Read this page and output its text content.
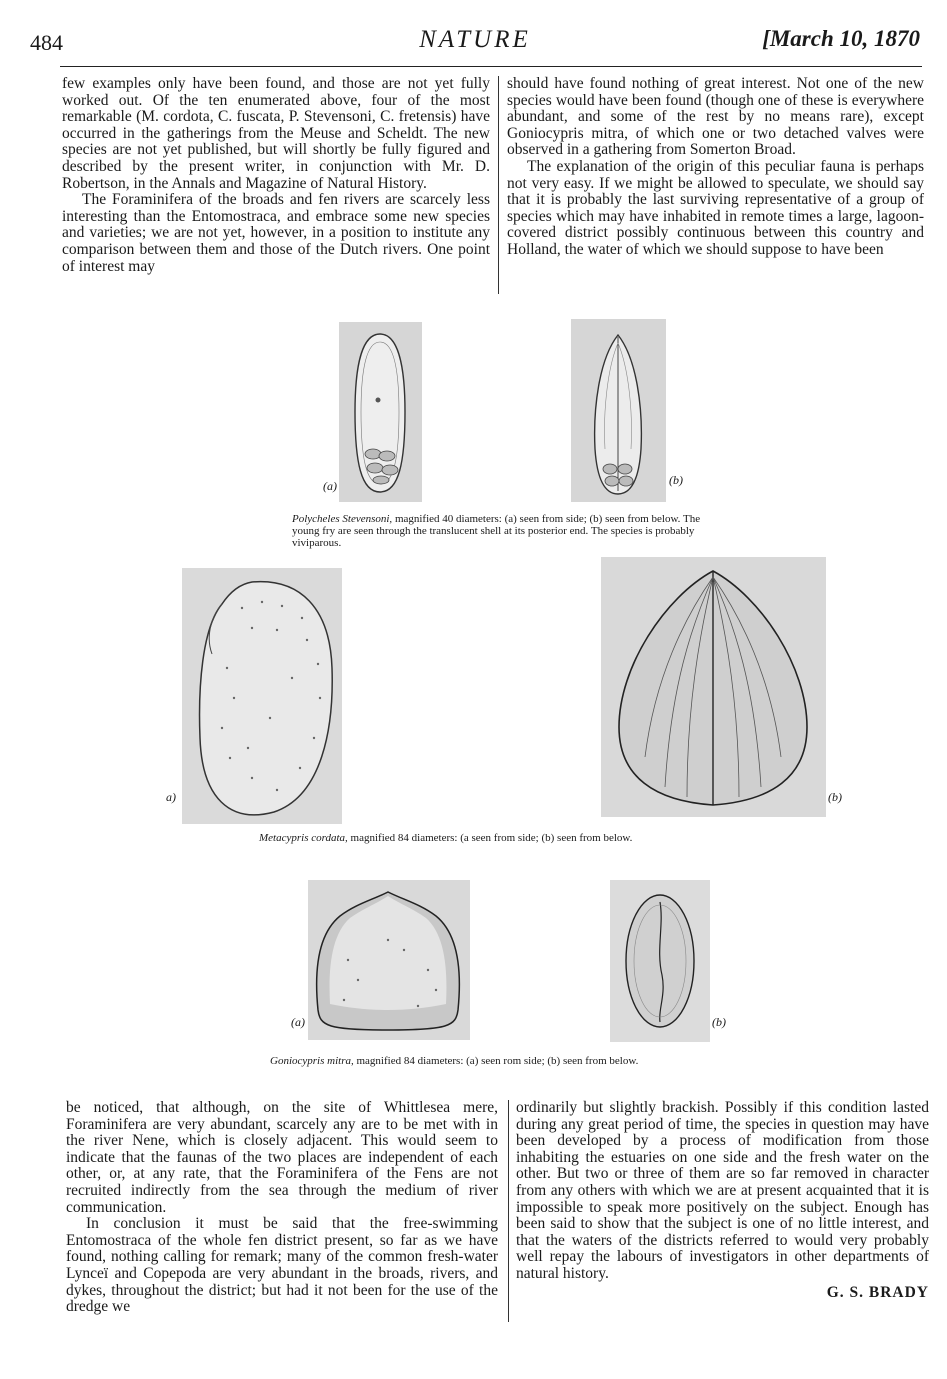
484	NATURE	[March 10, 1870

few examples only have been found, and those are not yet fully worked out. Of the ten enumerated above, four of the most remarkable (M. cordota, C. fuscata, P. Stevensoni, C. fretensis) have occurred in the gatherings from the Meuse and Scheldt. The new species are not yet published, but will shortly be fully figured and described by the present writer, in conjunction with Mr. D. Robertson, in the Annals and Magazine of Natural History.

The Foraminifera of the broads and fen rivers are scarcely less interesting than the Entomostraca, and embrace some new species and varieties; we are not yet, however, in a position to institute any comparison between them and those of the Dutch rivers. One point of interest may

should have found nothing of great interest. Not one of the new species would have been found (though one of these is everywhere abundant, and some of the rest by no means rare), except Goniocypris mitra, of which one or two detached valves were observed in a gathering from Somerton Broad.

The explanation of the origin of this peculiar fauna is perhaps not very easy. If we might be allowed to speculate, we should say that it is probably the last surviving representative of a group of species which may have inhabited in remote times a large, lagoon-covered district possibly continuous between this country and Holland, the water of which we should suppose to have been

(a)	(b)
Polycheles Stevensoni, magnified 40 diameters: (a) seen from side; (b) seen from below. The young fry are seen through the translucent shell at its posterior end. The species is probably viviparous.
a)	(b)
Metacypris cordata, magnified 84 diameters: (a seen from side; (b) seen from below.
(a)	(b)
Goniocypris mitra, magnified 84 diameters: (a) seen rom side; (b) seen from below.

be noticed, that although, on the site of Whittlesea mere, Foraminifera are very abundant, scarcely any are to be met with in the river Nene, which is closely adjacent. This would seem to indicate that the faunas of the two places are independent of each other, or, at any rate, that the Foraminifera of the Fens are not recruited indirectly from the sea through the medium of river communication.

In conclusion it must be said that the free-swimming Entomostraca of the whole fen district present, so far as we have found, nothing calling for remark; many of the common fresh-water Lynceï and Copepoda are very abundant in the broads, rivers, and dykes, throughout the district; but had it not been for the use of the dredge we

ordinarily but slightly brackish. Possibly if this condition lasted during any great period of time, the species in question may have been developed by a process of modification from those inhabiting the estuaries on one side and the fresh water on the other. But two or three of them are so far removed in character from any others with which we are at present acquainted that it is impossible to speak more positively on the subject. Enough has been said to show that the subject is one of no little interest, and that the waters of the districts referred to would very probably well repay the labours of investigators in other departments of natural history.

G. S. BRADY
